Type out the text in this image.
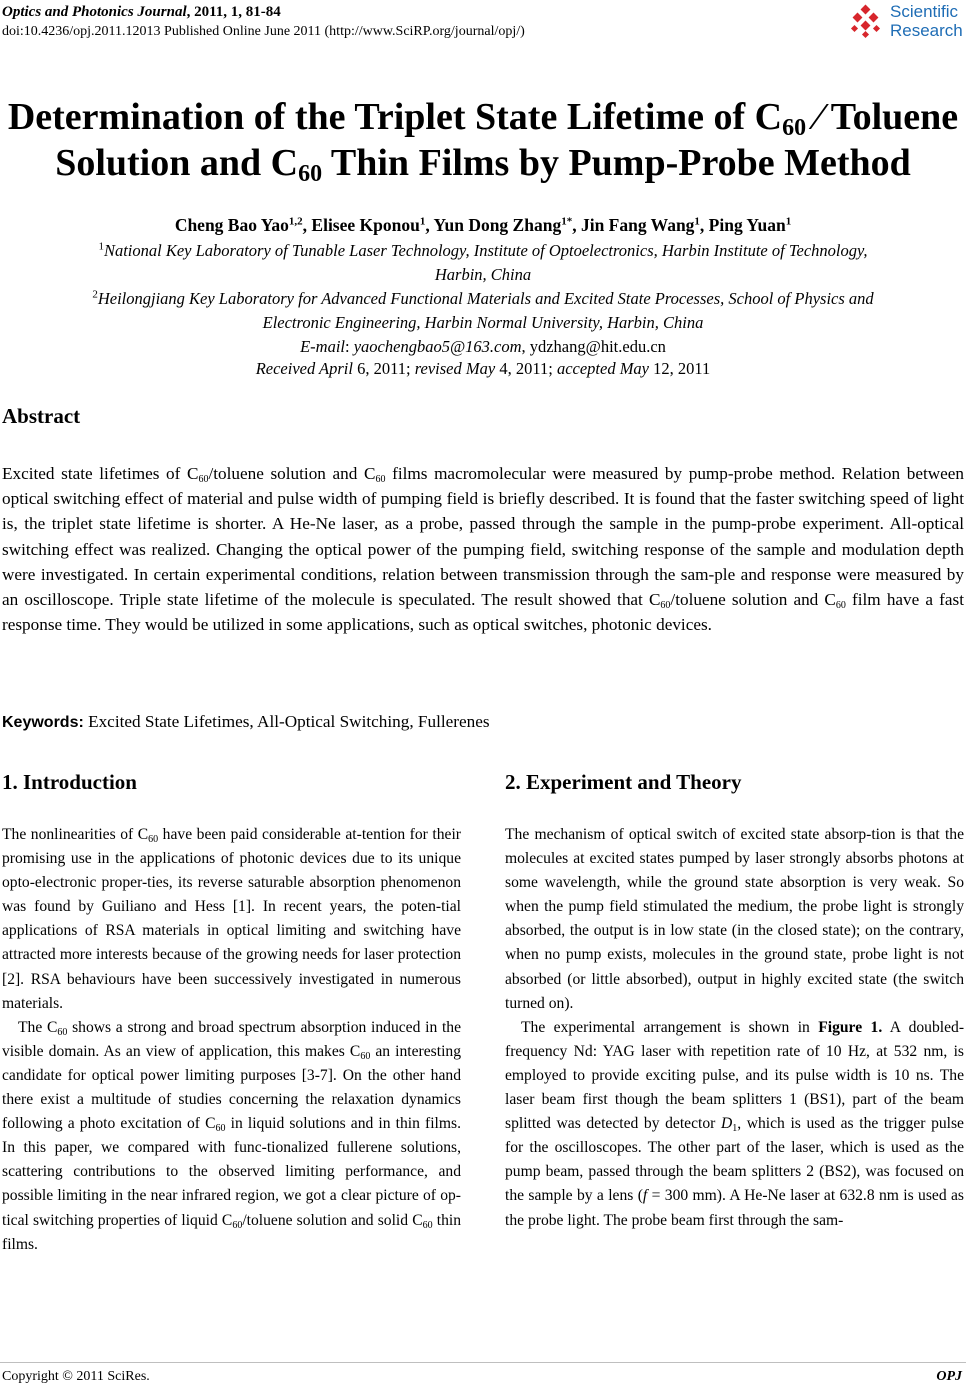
Optics and Photonics Journal, 2011, 1, 81-84
doi:10.4236/opj.2011.12013 Published Online June 2011 (http://www.SciRP.org/journal/opj/)
Scientific
Research
Determination of the Triplet State Lifetime of $C_{60}$ ⁄ Toluene
Solution and $C_{60}$ Thin Films by Pump-Probe Method
Cheng Bao Yao$^{1,2}$, Elisee Kponou$^1$, Yun Dong Zhang$^{1*}$, Jin Fang Wang$^1$, Ping Yuan$^1$
$^1$National Key Laboratory of Tunable Laser Technology, Institute of Optoelectronics, Harbin Institute of Technology,
Harbin, China
$^2$Heilongjiang Key Laboratory for Advanced Functional Materials and Excited State Processes, School of Physics and
Electronic Engineering, Harbin Normal University, Harbin, China
E-mail: yaochengbao5@163.com, ydzhang@hit.edu.cn
Received April 6, 2011; revised May 4, 2011; accepted May 12, 2011
Abstract
Excited state lifetimes of $C_{60}$/toluene solution and $C_{60}$ films macromolecular were measured by pump-probe method. Relation between optical switching effect of material and pulse width of pumping field is briefly described. It is found that the faster switching speed of light is, the triplet state lifetime is shorter. A He-Ne laser, as a probe, passed through the sample in the pump-probe experiment. All-optical switching effect was realized. Changing the optical power of the pumping field, switching response of the sample and modulation depth were investigated. In certain experimental conditions, relation between transmission through the sam-ple and response were measured by an oscilloscope. Triple state lifetime of the molecule is speculated. The result showed that $C_{60}$/toluene solution and $C_{60}$ film have a fast response time. They would be utilized in some applications, such as optical switches, photonic devices.
Keywords: Excited State Lifetimes, All-Optical Switching, Fullerenes
1. Introduction	2. Experiment and Theory

The nonlinearities of $C_{60}$ have been paid considerable at-tention for their promising use in the applications of photonic devices due to its unique opto-electronic proper-ties, its reverse saturable absorption phenomenon was found by Guiliano and Hess [1]. In recent years, the poten-tial applications of RSA materials in optical limiting and switching have attracted more interests because of the growing needs for laser protection [2]. RSA behaviours have been successively investigated in numerous materials.

The $C_{60}$ shows a strong and broad spectrum absorption induced in the visible domain. As an view of application, this makes $C_{60}$ an interesting candidate for optical power limiting purposes [3-7]. On the other hand there exist a multitude of studies concerning the relaxation dynamics following a photo excitation of $C_{60}$ in liquid solutions and in thin films. In this paper, we compared with func-tionalized fullerene solutions, scattering contributions to the observed limiting performance, and possible limiting in the near infrared region, we got a clear picture of op-tical switching properties of liquid $C_{60}$/toluene solution and solid $C_{60}$ thin films.

The mechanism of optical switch of excited state absorp-tion is that the molecules at excited states pumped by laser strongly absorbs photons at some wavelength, while the ground state absorption is very weak. So when the pump field stimulated the medium, the probe light is strongly absorbed, the output is in low state (in the closed state); on the contrary, when no pump exists, molecules in the ground state, probe light is not absorbed (or little absorbed), output in highly excited state (the switch turned on).

The experimental arrangement is shown in Figure 1. A doubled-frequency Nd: YAG laser with repetition rate of 10 Hz, at 532 nm, is employed to provide exciting pulse, and its pulse width is 10 ns. The laser beam first though the beam splitters 1 (BS1), part of the beam splitted was detected by detector $D_1$, which is used as the trigger pulse for the oscilloscopes. The other part of the laser, which is used as the pump beam, passed through the beam splitters 2 (BS2), was focused on the sample by a lens (f = 300 mm). A He-Ne laser at 632.8 nm is used as the probe light. The probe beam first through the sam-

Copyright © 2011 SciRes.	OPJ
